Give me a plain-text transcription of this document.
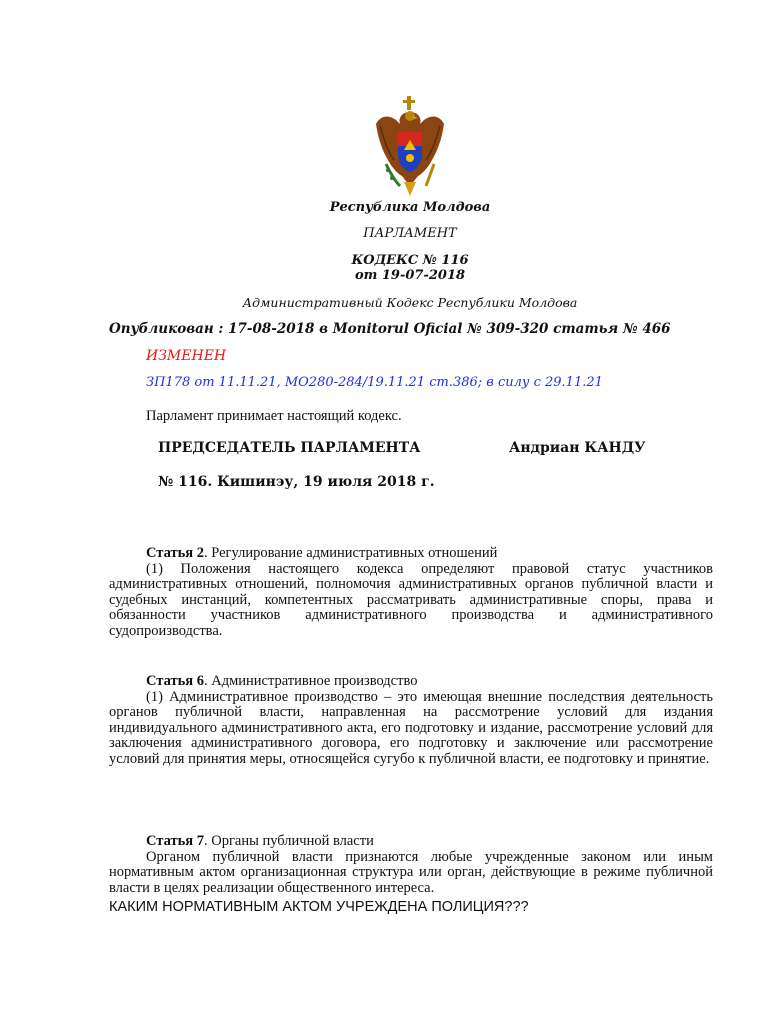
Республика Молдова
ПАРЛАМЕНТ
КОДЕКС № 116
от 19-07-2018
Административный Кодекс Республики Молдова
Опубликован : 17-08-2018 в Monitorul Oficial № 309-320 статья № 466
ИЗМЕНЕН
ЗП178 от 11.11.21, МО280-284/19.11.21 ст.386; в силу с 29.11.21
Парламент принимает настоящий кодекс.
ПРЕДСЕДАТЕЛЬ ПАРЛАМЕНТА	Андриан КАНДУ
№ 116. Кишинэу, 19 июля 2018 г.
Статья 2. Регулирование административных отношений

(1) Положения настоящего кодекса определяют правовой статус участников административных отношений, полномочия административных органов публичной власти и судебных инстанций, компетентных рассматривать административные споры, права и обязанности участников административного производства и административного судопроизводства.

Статья 6. Административное производство

(1) Административное производство – это имеющая внешние последствия деятельность органов публичной власти, направленная на рассмотрение условий для издания индивидуального административного акта, его подготовку и издание, рассмотрение условий для заключения административного договора, его подготовку и заключение или рассмотрение условий для принятия меры, относящейся сугубо к публичной власти, ее подготовку и принятие.

Статья 7. Органы публичной власти

Органом публичной власти признаются любые учрежденные законом или иным нормативным актом организационная структура или орган, действующие в режиме публичной власти в целях реализации общественного интереса.

КАКИМ НОРМАТИВНЫМ АКТОМ УЧРЕЖДЕНА ПОЛИЦИЯ???
